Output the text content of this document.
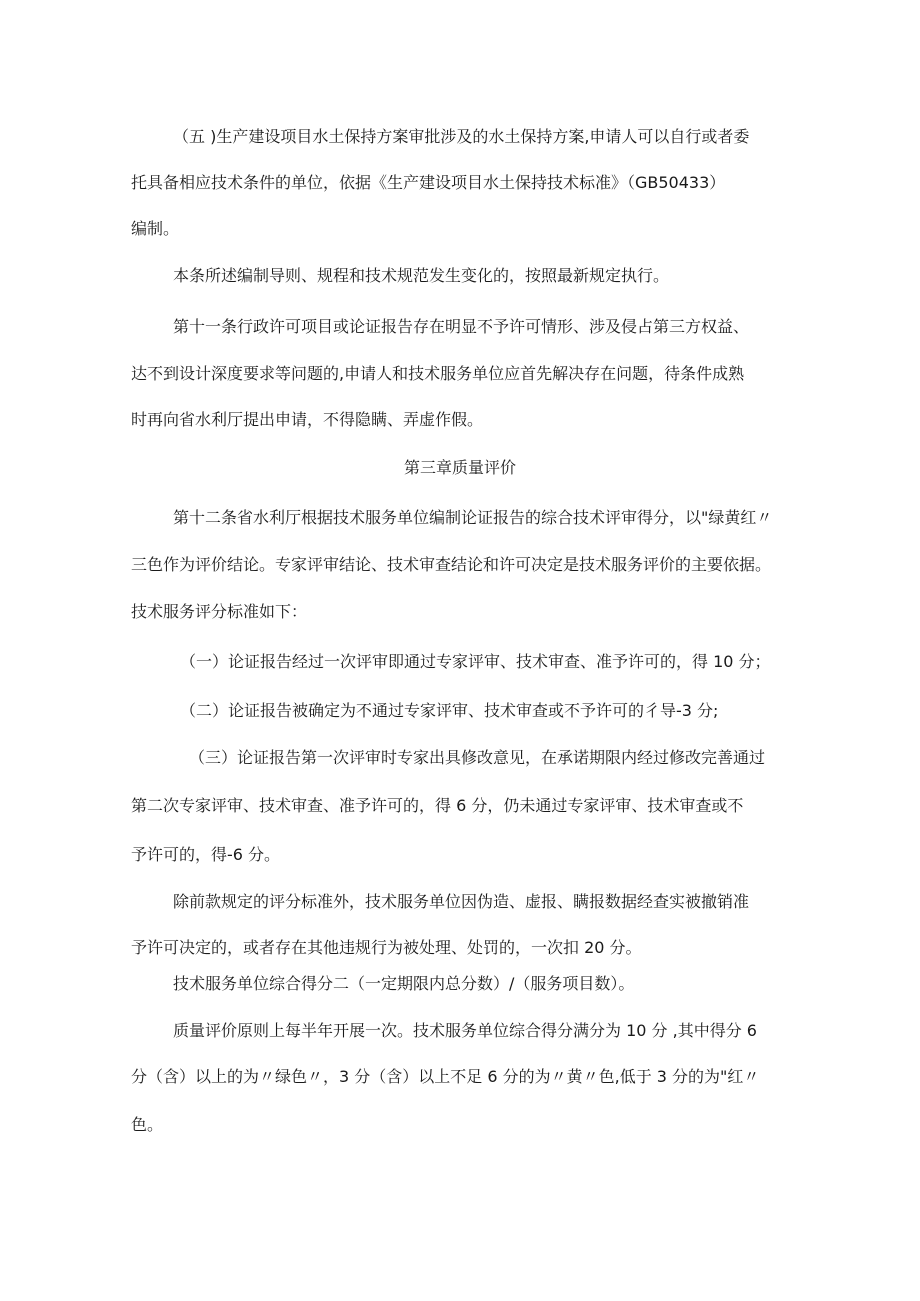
（五 )生产建设项目水土保持方案审批涉及的水土保持方案,申请人可以自行或者委
托具备相应技术条件的单位，依据《生产建设项目水土保持技术标准》（GB50433）
编制。
本条所述编制导则、规程和技术规范发生变化的，按照最新规定执行。
第十一条行政许可项目或论证报告存在明显不予许可情形、涉及侵占第三方权益、
达不到设计深度要求等问题的,申请人和技术服务单位应首先解决存在问题，待条件成熟
时再向省水利厅提出申请，不得隐瞒、弄虚作假。
第三章质量评价
第十二条省水利厅根据技术服务单位编制论证报告的综合技术评审得分，以"绿黄红〃
三色作为评价结论。专家评审结论、技术审查结论和许可决定是技术服务评价的主要依据。
技术服务评分标准如下：
（一）论证报告经过一次评审即通过专家评审、技术审查、准予许可的，得 10 分；
（二）论证报告被确定为不通过专家评审、技术审查或不予许可的彳导-3 分;
（三）论证报告第一次评审时专家出具修改意见，在承诺期限内经过修改完善通过
第二次专家评审、技术审查、准予许可的，得 6 分，仍未通过专家评审、技术审查或不
予许可的，得-6 分。
除前款规定的评分标准外，技术服务单位因伪造、虚报、瞒报数据经查实被撤销准
予许可决定的，或者存在其他违规行为被处理、处罚的，一次扣 20 分。
技术服务单位综合得分二（一定期限内总分数）/（服务项目数）。
质量评价原则上每半年开展一次。技术服务单位综合得分满分为 10 分 ,其中得分 6
分（含）以上的为〃绿色〃，3 分（含）以上不足 6 分的为〃黄〃色,低于 3 分的为"红〃
色。
